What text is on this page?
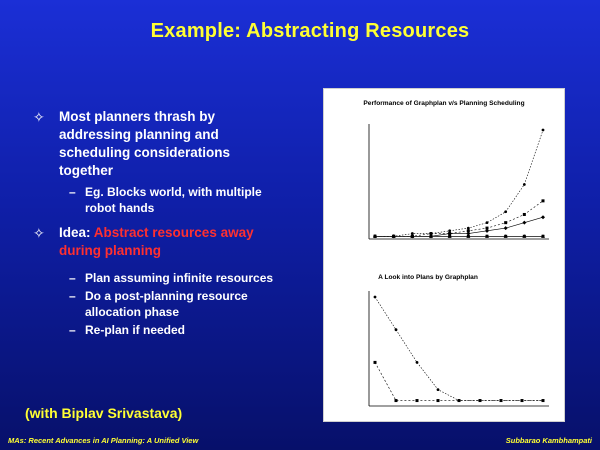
Example: Abstracting Resources
✧ Most planners thrash by addressing planning and scheduling considerations together
– Eg. Blocks world, with multiple robot hands
✧ Idea: Abstract resources away during planning
– Plan assuming infinite resources
– Do a post-planning resource allocation phase
– Re-plan if needed
Performance of Graphplan v/s Planning Scheduling
A Look into Plans by Graphplan
(with Biplav Srivastava)
MAs: Recent Advances in AI Planning: A Unified View	Subbarao Kambhampati
